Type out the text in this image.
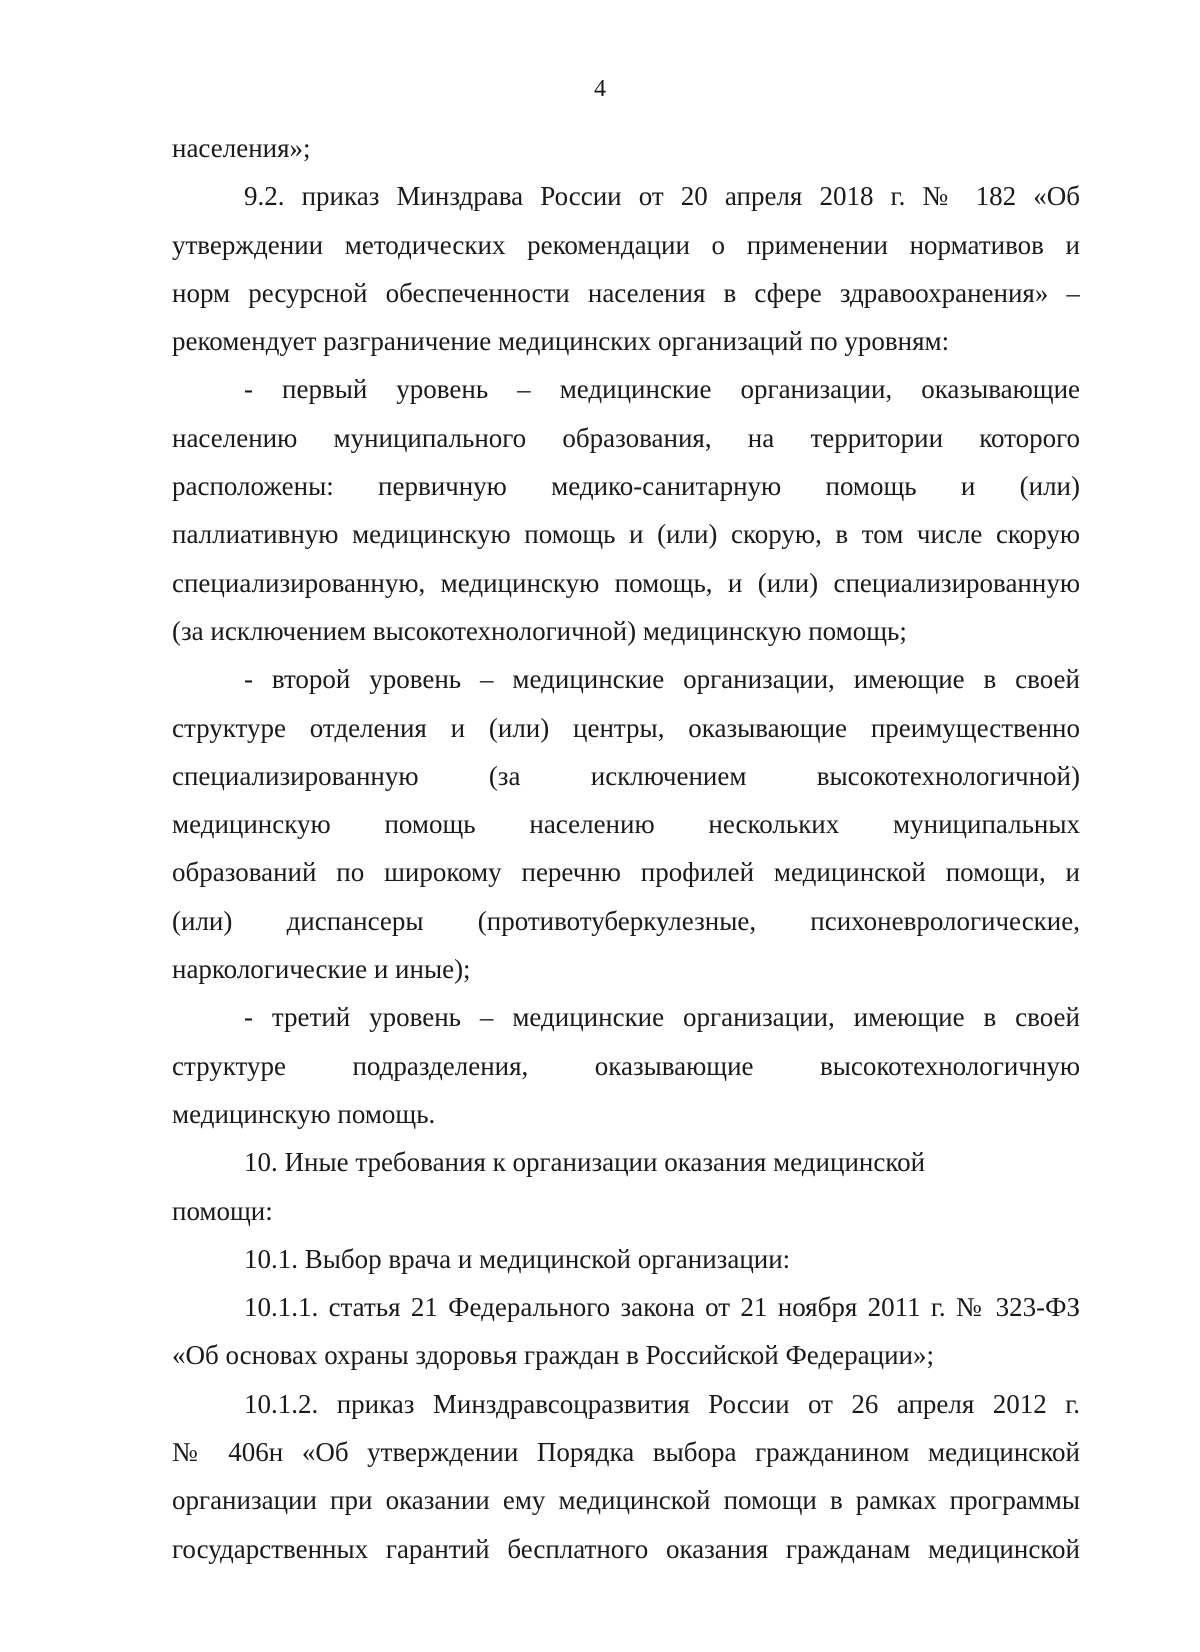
4
населения»;
9.2. приказ Минздрава России от 20 апреля 2018 г. № 182 «Об
утверждении методических рекомендации о применении нормативов и
норм ресурсной обеспеченности населения в сфере здравоохранения» –
рекомендует разграничение медицинских организаций по уровням:
- первый уровень – медицинские организации, оказывающие
населению муниципального образования, на территории которого
расположены: первичную медико-санитарную помощь и (или)
паллиативную медицинскую помощь и (или) скорую, в том числе скорую
специализированную, медицинскую помощь, и (или) специализированную
(за исключением высокотехнологичной) медицинскую помощь;
- второй уровень – медицинские организации, имеющие в своей
структуре отделения и (или) центры, оказывающие преимущественно
специализированную (за исключением высокотехнологичной)
медицинскую помощь населению нескольких муниципальных
образований по широкому перечню профилей медицинской помощи, и
(или) диспансеры (противотуберкулезные, психоневрологические,
наркологические и иные);
- третий уровень – медицинские организации, имеющие в своей
структуре подразделения, оказывающие высокотехнологичную
медицинскую помощь.
10. Иные требования к организации оказания медицинской
помощи:
10.1. Выбор врача и медицинской организации:
10.1.1. статья 21 Федерального закона от 21 ноября 2011 г. № 323-ФЗ
«Об основах охраны здоровья граждан в Российской Федерации»;
10.1.2. приказ Минздравсоцразвития России от 26 апреля 2012 г.
№ 406н «Об утверждении Порядка выбора гражданином медицинской
организации при оказании ему медицинской помощи в рамках программы
государственных гарантий бесплатного оказания гражданам медицинской
